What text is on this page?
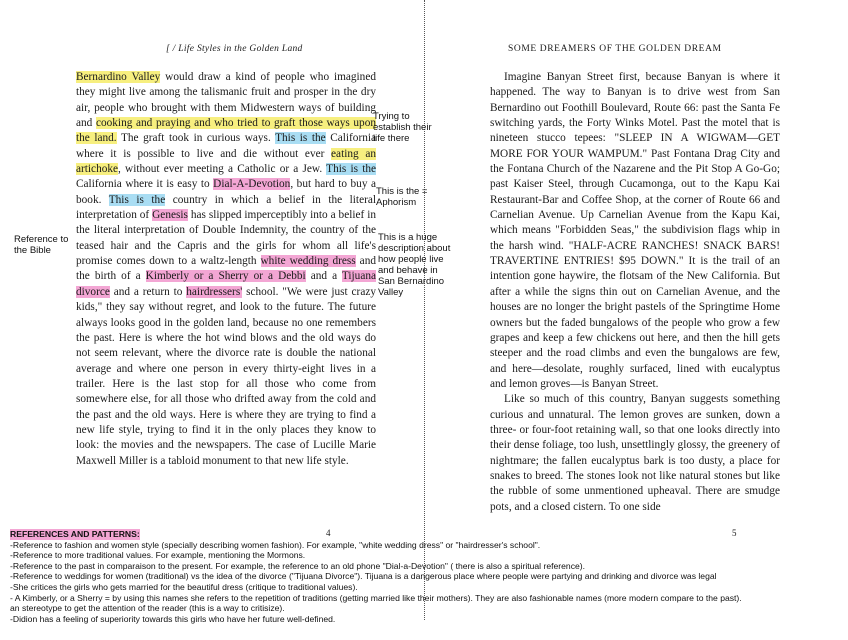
[ / Life Styles in the Golden Land

Bernardino Valley would draw a kind of people who imagined they might live among the talismanic fruit and prosper in the dry air, people who brought with them Midwestern ways of building and cooking and praying and who tried to graft those ways upon the land. The graft took in curious ways. This is the California where it is possible to live and die without ever eating an artichoke, without ever meeting a Catholic or a Jew. This is the California where it is easy to Dial-A-Devotion, but hard to buy a book. This is the country in which a belief in the literal interpretation of Genesis has slipped imperceptibly into a belief in the literal interpretation of Double Indemnity, the country of the teased hair and the Capris and the girls for whom all life's promise comes down to a waltz-length white wedding dress and the birth of a Kimberly or a Sherry or a Debbi and a Tijuana divorce and a return to hairdressers' school. "We were just crazy kids," they say without regret, and look to the future. The future always looks good in the golden land, because no one remembers the past. Here is where the hot wind blows and the old ways do not seem relevant, where the divorce rate is double the national average and where one person in every thirty-eight lives in a trailer. Here is the last stop for all those who come from somewhere else, for all those who drifted away from the cold and the past and the old ways. Here is where they are trying to find a new life style, trying to find it in the only places they know to look: the movies and the newspapers. The case of Lucille Marie Maxwell Miller is a tabloid monument to that new life style.

4
SOME DREAMERS OF THE GOLDEN DREAM

Imagine Banyan Street first, because Banyan is where it happened. The way to Banyan is to drive west from San Bernardino out Foothill Boulevard, Route 66: past the Santa Fe switching yards, the Forty Winks Motel. Past the motel that is nineteen stucco tepees: "SLEEP IN A WIGWAM—GET MORE FOR YOUR WAMPUM." Past Fontana Drag City and the Fontana Church of the Nazarene and the Pit Stop A Go-Go; past Kaiser Steel, through Cucamonga, out to the Kapu Kai Restaurant-Bar and Coffee Shop, at the corner of Route 66 and Carnelian Avenue. Up Carnelian Avenue from the Kapu Kai, which means "Forbidden Seas," the subdivision flags whip in the harsh wind. "HALF-ACRE RANCHES! SNACK BARS! TRAVERTINE ENTRIES! $95 DOWN." It is the trail of an intention gone haywire, the flotsam of the New California. But after a while the signs thin out on Carnelian Avenue, and the houses are no longer the bright pastels of the Springtime Home owners but the faded bungalows of the people who grow a few grapes and keep a few chickens out here, and then the hill gets steeper and the road climbs and even the bungalows are few, and here—desolate, roughly surfaced, lined with eucalyptus and lemon groves—is Banyan Street.

Like so much of this country, Banyan suggests something curious and unnatural. The lemon groves are sunken, down a three- or four-foot retaining wall, so that one looks directly into their dense foliage, too lush, unsettlingly glossy, the greenery of nightmare; the fallen eucalyptus bark is too dusty, a place for snakes to breed. The stones look not like natural stones but like the rubble of some unmentioned upheaval. There are smudge pots, and a closed cistern. To one side

5
Trying to establish their life there
This is the = Aphorism
This is a huge description about how people live and behave in San Bernardino Valley
Reference to the Bible
REFERENCES AND PATTERNS:
-Reference to fashion and women style (specially describing women fashion). For example, "white wedding dress" or "hairdresser's school".
-Reference to more traditional values. For example, mentioning the Mormons.
-Reference to the past in comparaison to the present. For example, the reference to an old phone "Dial-a-Devotion" ( there is also a spiritual reference).
-Reference to weddings for women (traditional) vs the idea of the divorce ("Tijuana Divorce"). Tijuana is a dangerous place where people were partying and drinking and divorce was legal
-She critices the girls who gets married for the beautiful dress (critique to traditional values).
- A Kimberly, or a Sherry = by using this names she refers to the repetition of traditions (getting married like their mothers). They are also fashionable names (more modern compare to the past).
an stereotype to get the attention of the reader (this is a way to critisize).
-Didion has a feeling of superiority towards this girls who have her future well-defined.
